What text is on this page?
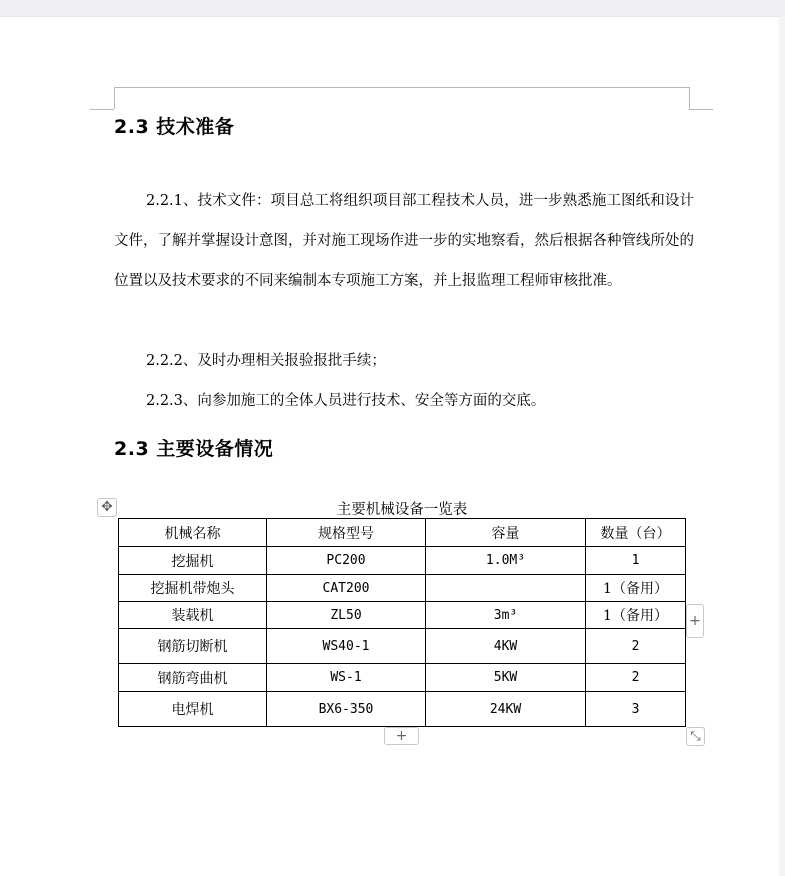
2.3 技术准备
2.2.1、技术文件：项目总工将组织项目部工程技术人员，进一步熟悉施工图纸和设计文件，了解并掌握设计意图，并对施工现场作进一步的实地察看，然后根据各种管线所处的位置以及技术要求的不同来编制本专项施工方案，并上报监理工程师审核批准。
2.2.2、及时办理相关报验报批手续；
2.2.3、向参加施工的全体人员进行技术、安全等方面的交底。
2.3 主要设备情况
主要机械设备一览表
✥
机械名称	规格型号	容量	数量（台）
挖掘机	PC200	1.0M³	1
挖掘机带炮头	CAT200		1（备用）
装载机	ZL50	3m³	1（备用）
钢筋切断机	WS40-1	4KW	2
钢筋弯曲机	WS-1	5KW	2
电焊机	BX6-350	24KW	3
+
+	⤡
